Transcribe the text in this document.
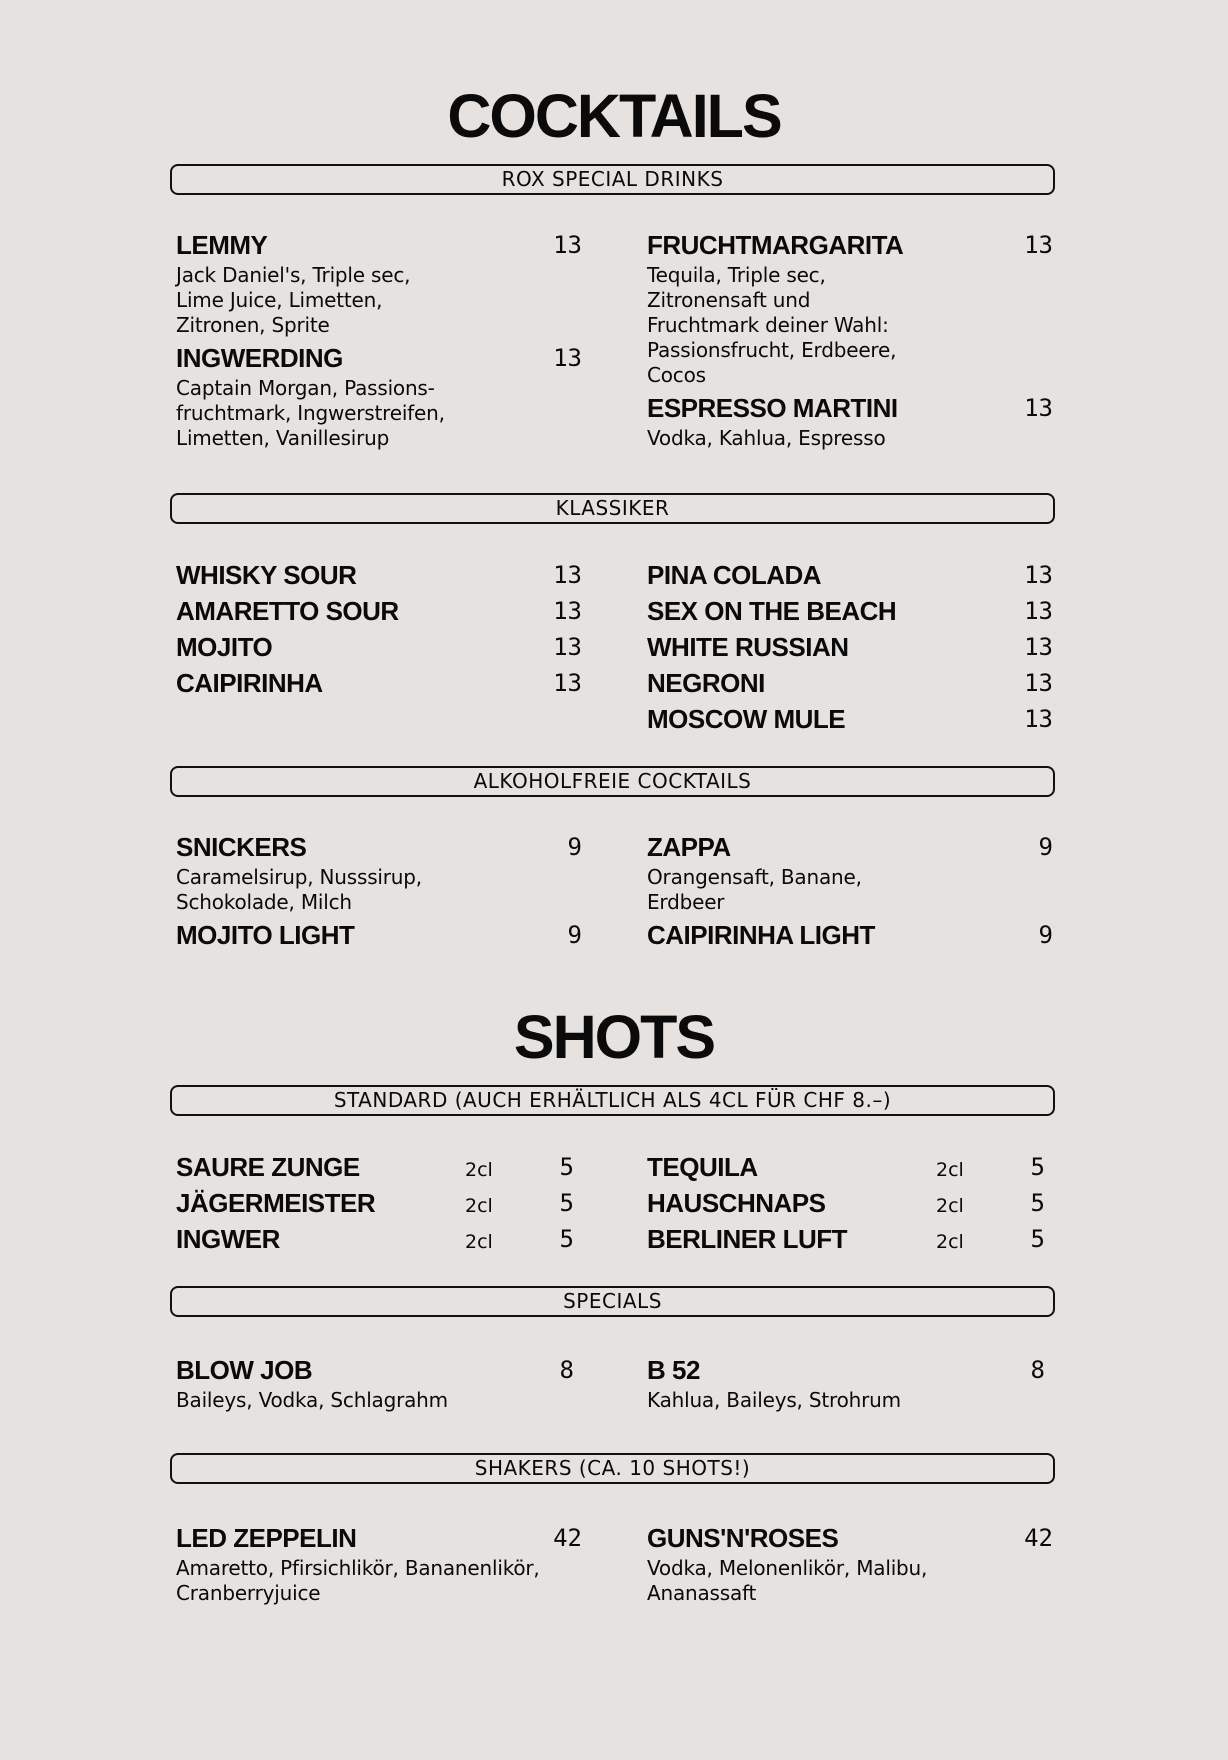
COCKTAILS
ROX SPECIAL DRINKS
LEMMY	13
Jack Daniel's, Triple sec,
Lime Juice, Limetten,
Zitronen, Sprite
INGWERDING	13
Captain Morgan, Passions-
fruchtmark, Ingwerstreifen,
Limetten, Vanillesirup
FRUCHTMARGARITA	13
Tequila, Triple sec,
Zitronensaft und
Fruchtmark deiner Wahl:
Passionsfrucht, Erdbeere,
Cocos
ESPRESSO MARTINI	13
Vodka, Kahlua, Espresso
KLASSIKER
WHISKY SOUR	13
AMARETTO SOUR	13
MOJITO	13
CAIPIRINHA	13
PINA COLADA	13
SEX ON THE BEACH	13
WHITE RUSSIAN	13
NEGRONI	13
MOSCOW MULE	13
ALKOHOLFREIE COCKTAILS
SNICKERS	9
Caramelsirup, Nusssirup,
Schokolade, Milch
MOJITO LIGHT	9
ZAPPA	9
Orangensaft, Banane,
Erdbeer
CAIPIRINHA LIGHT	9
SHOTS
STANDARD (AUCH ERHÄLTLICH ALS 4CL FÜR CHF 8.–)
SAURE ZUNGE	2cl	5
JÄGERMEISTER	2cl	5
INGWER	2cl	5
TEQUILA	2cl	5
HAUSCHNAPS	2cl	5
BERLINER LUFT	2cl	5
SPECIALS
BLOW JOB	8
Baileys, Vodka, Schlagrahm
B 52	8
Kahlua, Baileys, Strohrum
SHAKERS (CA. 10 SHOTS!)
LED ZEPPELIN	42
Amaretto, Pfirsichlikör, Bananenlikör,
Cranberryjuice
GUNS'N'ROSES	42
Vodka, Melonenlikör, Malibu,
Ananassaft
